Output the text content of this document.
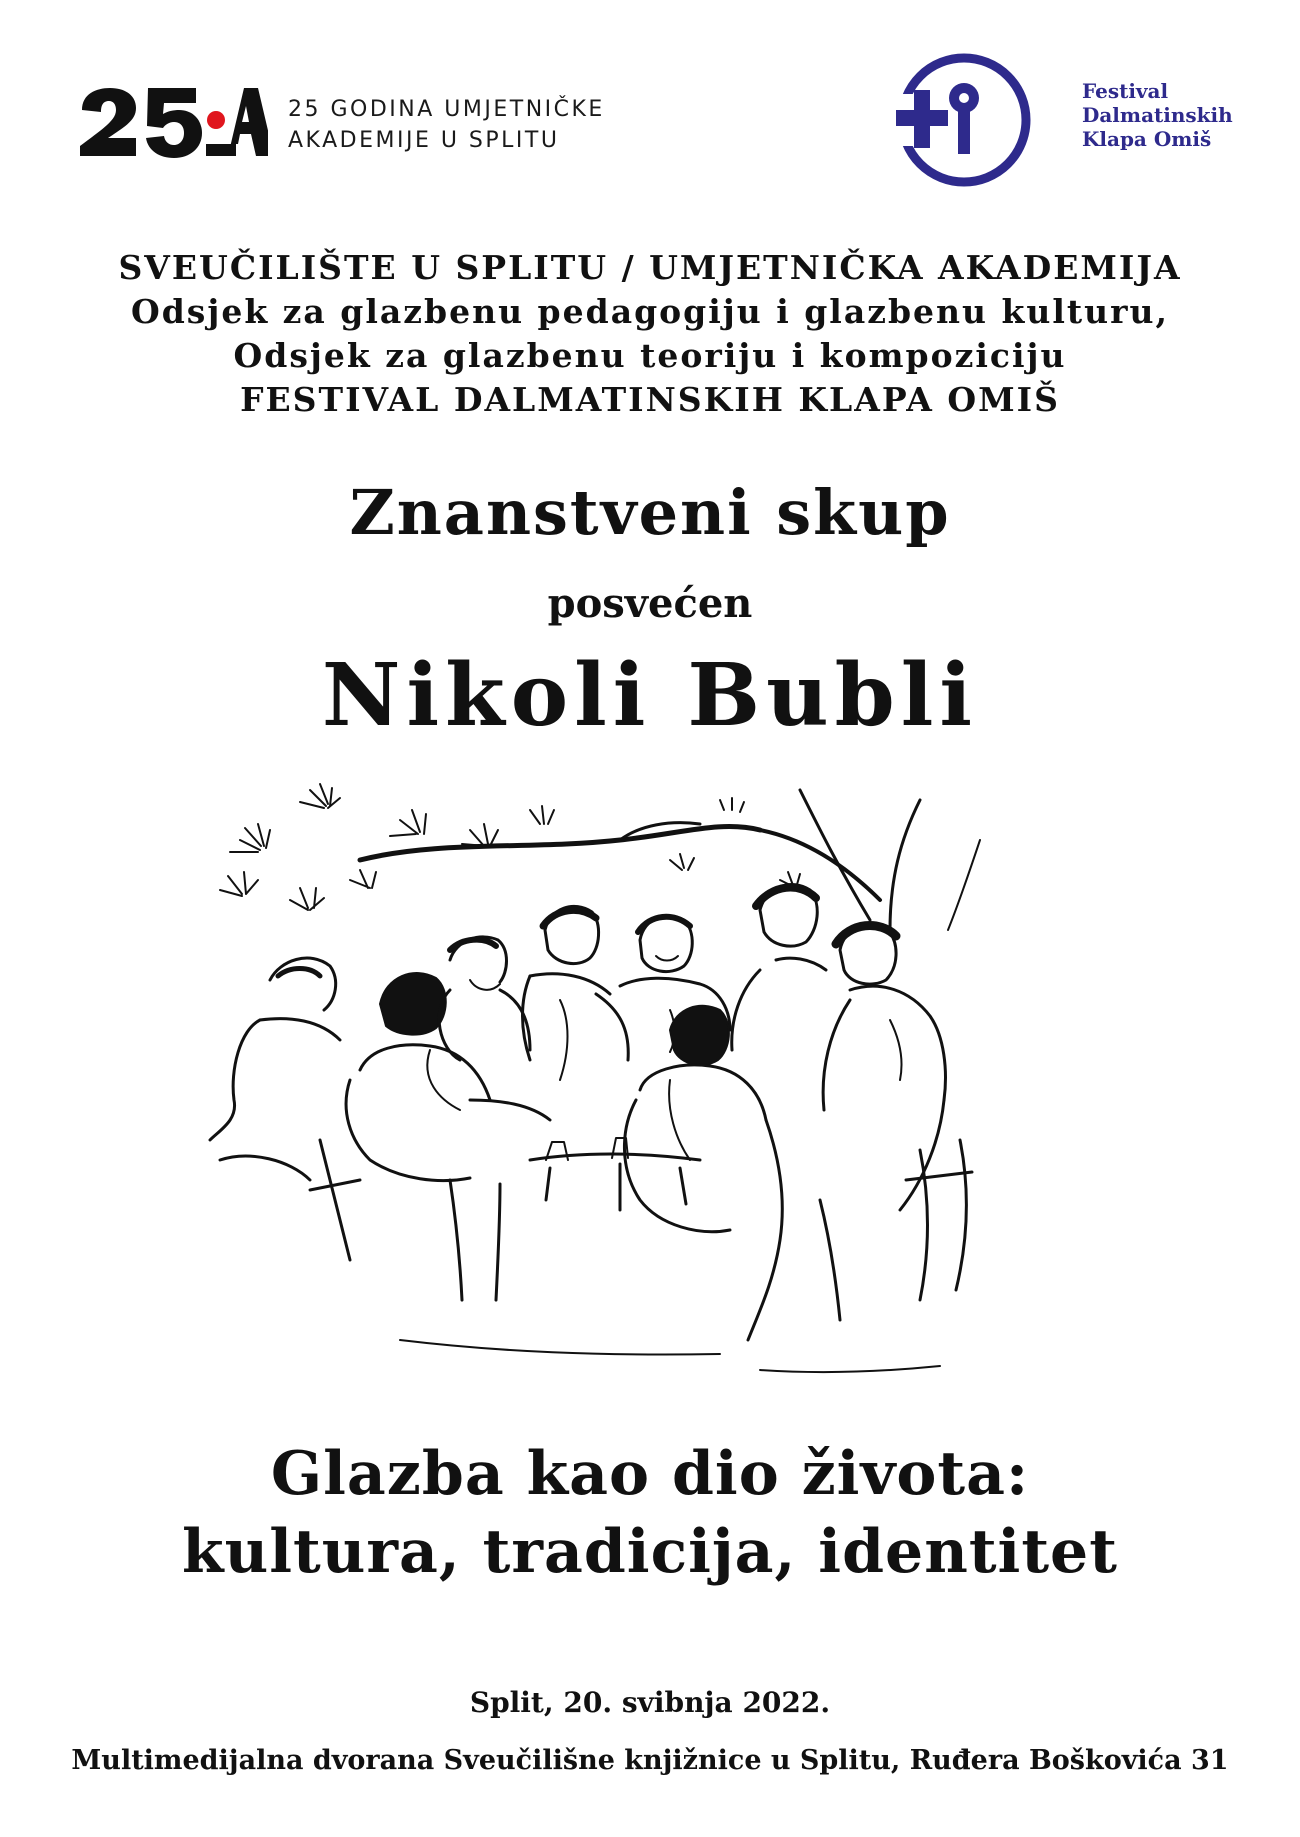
25 GODINA UMJETNIČKE
AKADEMIJE U SPLITU
Festival
Dalmatinskih
Klapa Omiš
SVEUČILIŠTE U SPLITU / UMJETNIČKA AKADEMIJA
Odsjek za glazbenu pedagogiju i glazbenu kulturu,
Odsjek za glazbenu teoriju i kompoziciju
FESTIVAL DALMATINSKIH KLAPA OMIŠ
Znanstveni skup
posvećen
Nikoli Bubli
Glazba kao dio života:
kultura, tradicija, identitet
Split, 20. svibnja 2022.
Multimedijalna dvorana Sveučilišne knjižnice u Splitu, Ruđera Boškovića 31
